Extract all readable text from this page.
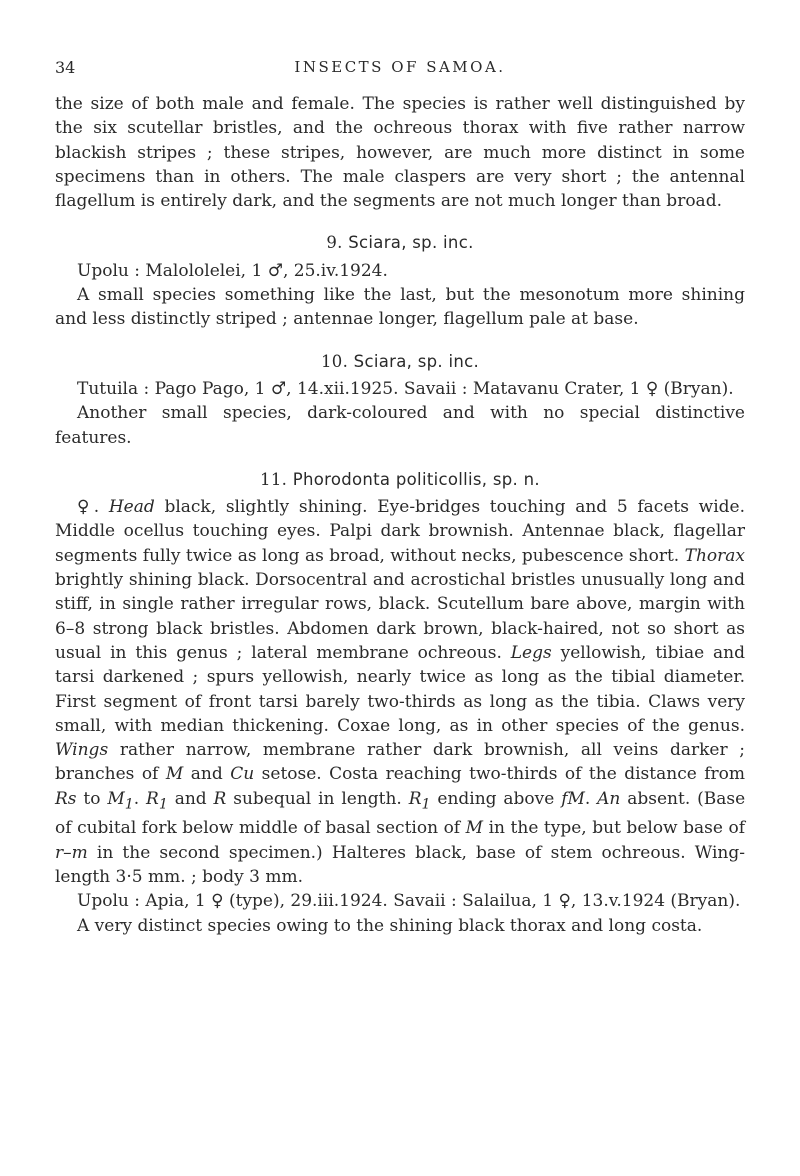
34	INSECTS OF SAMOA.

the size of both male and female. The species is rather well distinguished by the six scutellar bristles, and the ochreous thorax with five rather narrow blackish stripes ; these stripes, however, are much more distinct in some specimens than in others. The male claspers are very short ; the antennal flagellum is entirely dark, and the segments are not much longer than broad.

9. Sciara, sp. inc.

Upolu : Malololelei, 1 ♂, 25.iv.1924.

A small species something like the last, but the mesonotum more shining and less distinctly striped ; antennae longer, flagellum pale at base.

10. Sciara, sp. inc.

Tutuila : Pago Pago, 1 ♂, 14.xii.1925. Savaii : Matavanu Crater, 1 ♀ (Bryan).

Another small species, dark-coloured and with no special distinctive features.

11. Phorodonta politicollis, sp. n.

♀. Head black, slightly shining. Eye-bridges touching and 5 facets wide. Middle ocellus touching eyes. Palpi dark brownish. Antennae black, flagellar segments fully twice as long as broad, without necks, pubescence short. Thorax brightly shining black. Dorsocentral and acrostichal bristles unusually long and stiff, in single rather irregular rows, black. Scutellum bare above, margin with 6–8 strong black bristles. Abdomen dark brown, black-haired, not so short as usual in this genus ; lateral membrane ochreous. Legs yellowish, tibiae and tarsi darkened ; spurs yellowish, nearly twice as long as the tibial diameter. First segment of front tarsi barely two-thirds as long as the tibia. Claws very small, with median thickening. Coxae long, as in other species of the genus. Wings rather narrow, membrane rather dark brownish, all veins darker ; branches of M and Cu setose. Costa reaching two-thirds of the distance from Rs to $M_1$. $R_1$ and R subequal in length. $R_1$ ending above fM. An absent. (Base of cubital fork below middle of basal section of M in the type, but below base of r–m in the second specimen.) Halteres black, base of stem ochreous. Wing-length 3·5 mm. ; body 3 mm.

Upolu : Apia, 1 ♀ (type), 29.iii.1924. Savaii : Salailua, 1 ♀, 13.v.1924 (Bryan).

A very distinct species owing to the shining black thorax and long costa.
